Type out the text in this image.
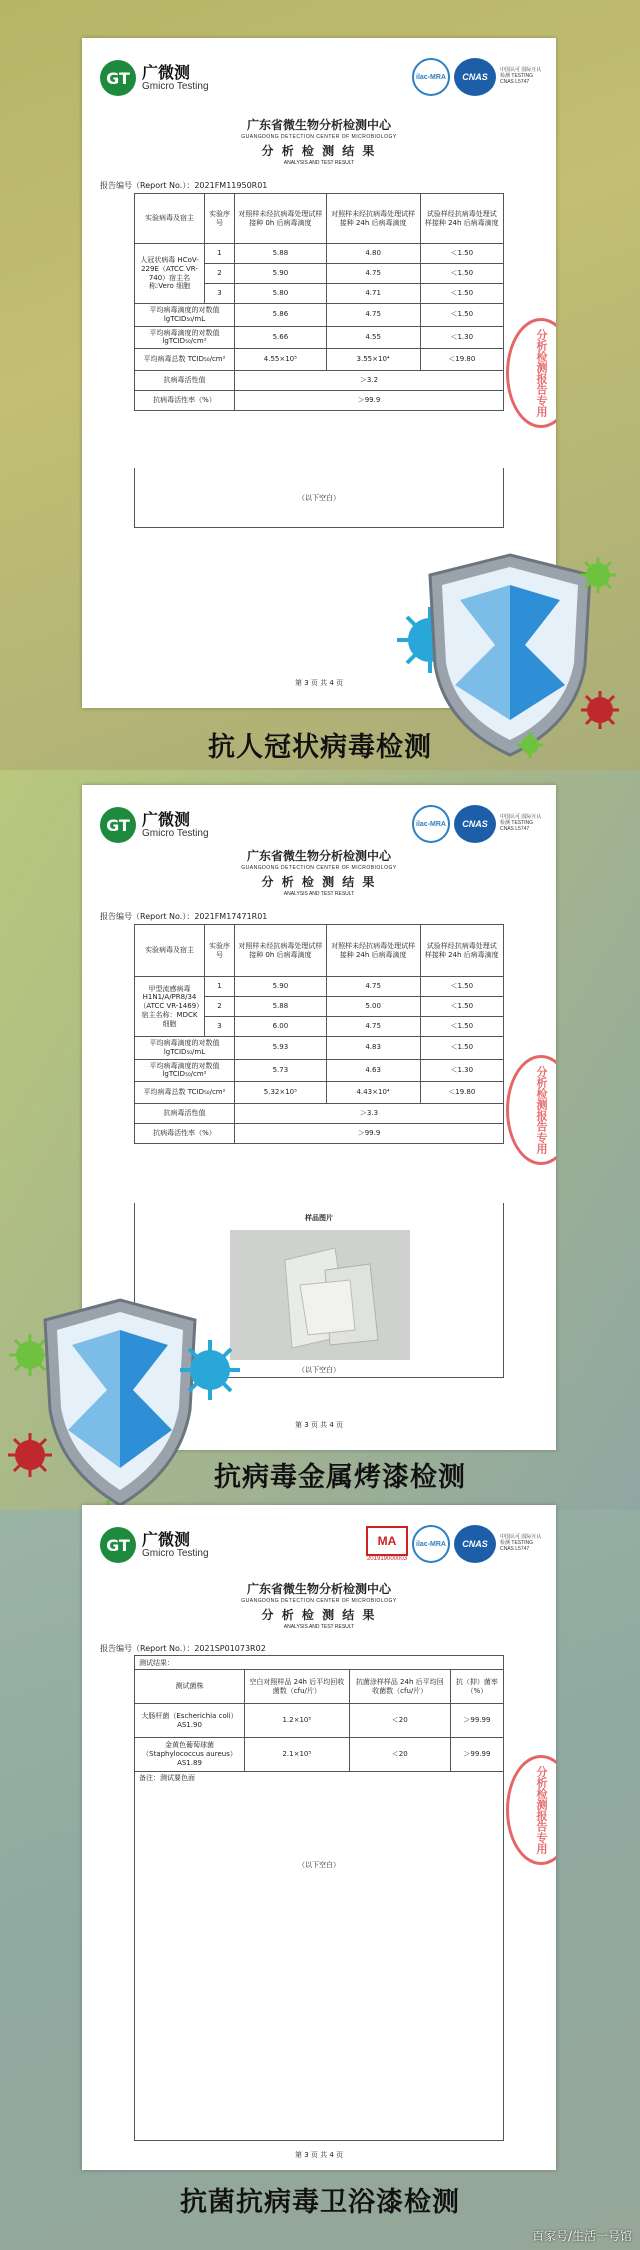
GT 广微测
Gmicro Testing
ilac-MRA	CNAS
中国认可 国际互认 检测 TESTING CNAS L5747
广东省微生物分析检测中心
GUANGDONG DETECTION CENTER OF MICROBIOLOGY
分 析 检 测 结 果
ANALYSIS AND TEST RESULT
报告编号（Report No.）：2021FM11950R01
实验病毒及宿主	实验序号	对照样未经抗病毒处理试样接种 0h 后病毒滴度	对照样未经抗病毒处理试样接种 24h 后病毒滴度	试验样经抗病毒处理试样接种 24h 后病毒滴度
人冠状病毒 HCoV-229E（ATCC VR-740）宿主名称:Vero 细胞	1	5.88	4.80	＜1.50
	2	5.90	4.75	＜1.50
	3	5.80	4.71	＜1.50
平均病毒滴度的对数值 lgTCID₅₀/mL		5.86	4.75	＜1.50
平均病毒滴度的对数值 lgTCID₅₀/cm²		5.66	4.55	＜1.30
平均病毒总数 TCID₅₀/cm²		4.55×10⁵	3.55×10⁴	＜19.80
抗病毒活性值		＞3.2		
抗病毒活性率（%）		＞99.9		
（以下空白）
第 3 页 共 4 页
分析检测报告专用
抗人冠状病毒检测
GT 广微测
Gmicro Testing
ilac-MRA	CNAS
中国认可 国际互认 检测 TESTING CNAS L5747
广东省微生物分析检测中心
GUANGDONG DETECTION CENTER OF MICROBIOLOGY
分 析 检 测 结 果
ANALYSIS AND TEST RESULT
报告编号（Report No.）：2021FM17471R01
实验病毒及宿主	实验序号	对照样未经抗病毒处理试样接种 0h 后病毒滴度	对照样未经抗病毒处理试样接种 24h 后病毒滴度	试验样经抗病毒处理试样接种 24h 后病毒滴度
甲型流感病毒 H1N1/A/PR8/34（ATCC VR-1469）宿主名称：MDCK 细胞	1	5.90	4.75	＜1.50
	2	5.88	5.00	＜1.50
	3	6.00	4.75	＜1.50
平均病毒滴度的对数值 lgTCID₅₀/mL		5.93	4.83	＜1.50
平均病毒滴度的对数值 lgTCID₅₀/cm²		5.73	4.63	＜1.30
平均病毒总数 TCID₅₀/cm²		5.32×10⁵	4.43×10⁴	＜19.80
抗病毒活性值		＞3.3		
抗病毒活性率（%）		＞99.9		
样品图片
（以下空白）
第 3 页 共 4 页
分析检测报告专用
抗病毒金属烤漆检测
GT 广微测
Gmicro Testing
MA
201919000003
ilac-MRA	CNAS
中国认可 国际互认 检测 TESTING CNAS L5747
广东省微生物分析检测中心
GUANGDONG DETECTION CENTER OF MICROBIOLOGY
分 析 检 测 结 果
ANALYSIS AND TEST RESULT
报告编号（Report No.）：2021SP01073R02
测试结果：
测试菌株	空白对照样品 24h 后平均回收菌数（cfu/片）	抗菌涂样样品 24h 后平均回收菌数（cfu/片）	抗（抑）菌率（%）
大肠杆菌（Escherichia coli）AS1.90	1.2×10⁵	＜20	＞99.99
金黄色葡萄球菌（Staphylococcus aureus）AS1.89	2.1×10⁵	＜20	＞99.99
备注：测试要色面
（以下空白）
第 3 页 共 4 页
分析检测报告专用
抗菌抗病毒卫浴漆检测
百家号/生活一号馆
